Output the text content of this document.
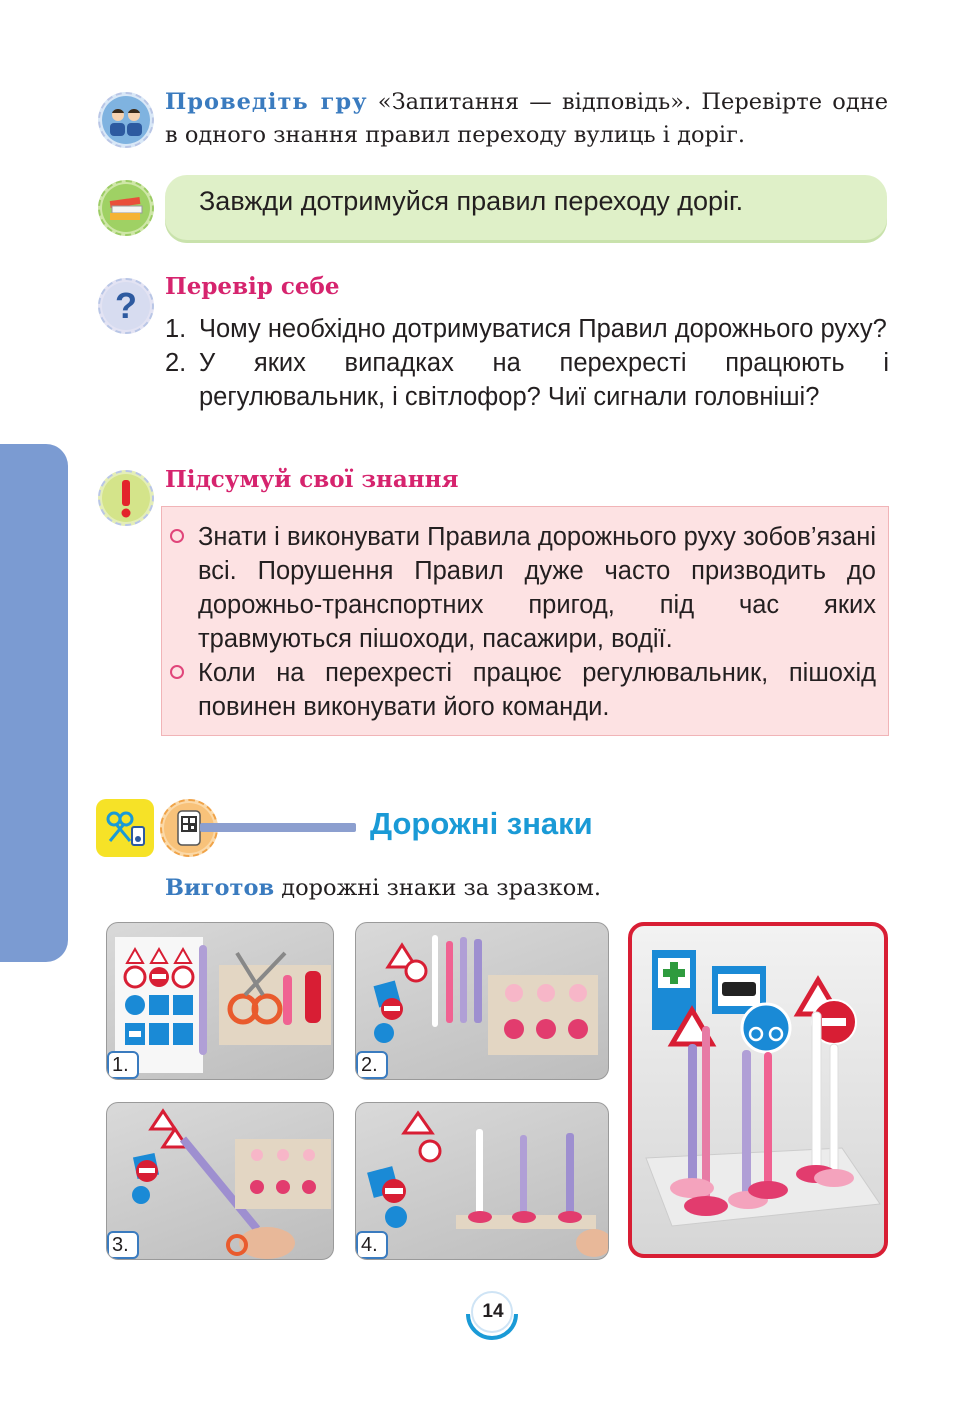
Проведіть гру «Запитання — відповідь». Перевірте одне в одного знання правил переходу вулиць і доріг.
Завжди дотримуйся правил переходу доріг.
? Перевір себе
1. Чому необхідно дотримуватися Правил дорожнього руху?
2. У яких випадках на перехресті працюють і регулювальник, і світлофор? Чиї сигнали головніші?
Підсумуй свої знання
Знати і виконувати Правила дорожнього руху зобов’язані всі. Порушення Правил дуже часто призводить до дорожньо-транспортних пригод, під час яких травмуються пішоходи, пасажири, водії.
Коли на перехресті працює регулювальник, пішохід повинен виконувати його команди.
Дорожні знаки
Виготов дорожні знаки за зразком.
1.	2.
3.	4.
14
